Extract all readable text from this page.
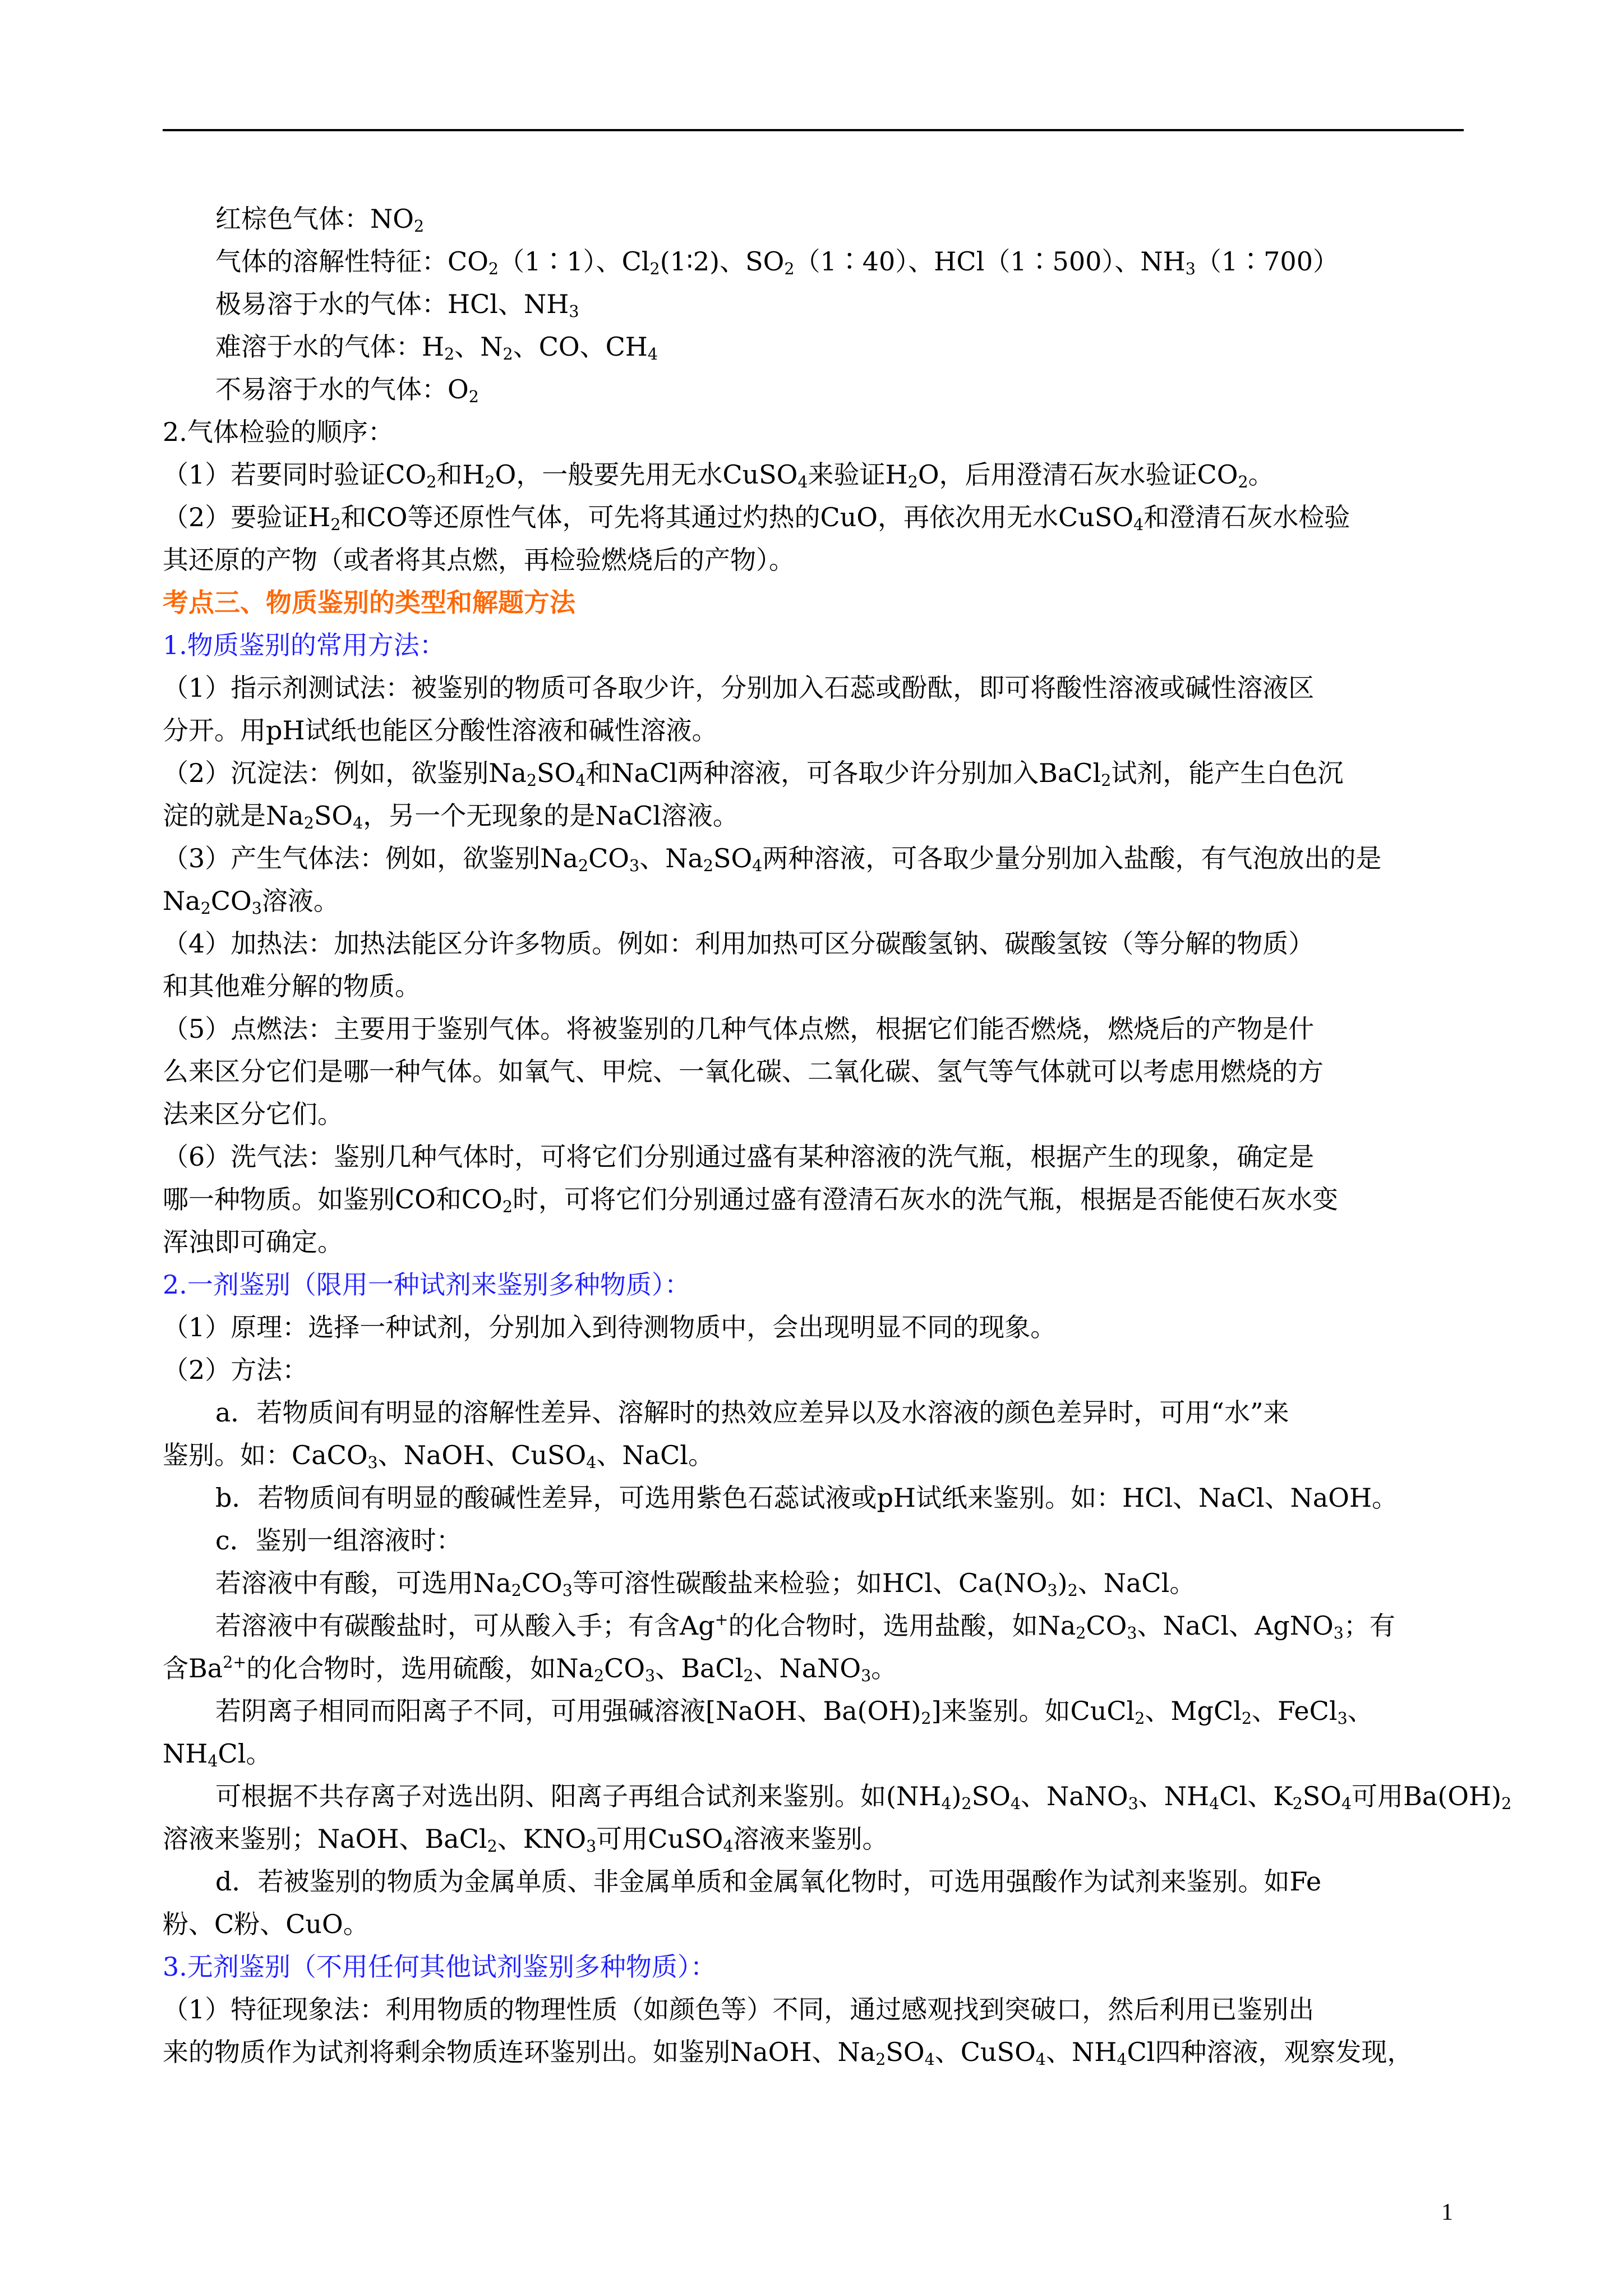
红棕色气体：$NO_2$
气体的溶解性特征：$CO_2(1∶1)$、$Cl_2(1∶2)$、$SO_2(1∶40)$、HCl（1∶500）、$NH_3(1∶700)$
极易溶于水的气体：HCl、$NH_3$
难溶于水的气体：$H_2$、$N_2$、CO、$CH_4$
不易溶于水的气体：$O_2$
2.气体检验的顺序：
（1）若要同时验证$CO_2$和$H_2O$，一般要先用无水CuSO$_4$来验证$H_2O$，后用澄清石灰水验证$CO_2$。
（2）要验证$H_2$和CO等还原性气体，可先将其通过灼热的CuO，再依次用无水CuSO$_4$和澄清石灰水检验
其还原的产物（或者将其点燃，再检验燃烧后的产物）。
考点三、物质鉴别的类型和解题方法
1.物质鉴别的常用方法：
（1）指示剂测试法：被鉴别的物质可各取少许，分别加入石蕊或酚酞，即可将酸性溶液或碱性溶液区
分开。用pH试纸也能区分酸性溶液和碱性溶液。
（2）沉淀法：例如，欲鉴别$Na_2SO_4$和NaCl两种溶液，可各取少许分别加入BaCl$_2$试剂，能产生白色沉
淀的就是$Na_2SO_4$，另一个无现象的是NaCl溶液。
（3）产生气体法：例如，欲鉴别$Na_2CO_3$、$Na_2SO_4$两种溶液，可各取少量分别加入盐酸，有气泡放出的是
$Na_2CO_3$溶液。
（4）加热法：加热法能区分许多物质。例如：利用加热可区分碳酸氢钠、碳酸氢铵（等分解的物质）
和其他难分解的物质。
（5）点燃法：主要用于鉴别气体。将被鉴别的几种气体点燃，根据它们能否燃烧，燃烧后的产物是什
么来区分它们是哪一种气体。如氧气、甲烷、一氧化碳、二氧化碳、氢气等气体就可以考虑用燃烧的方
法来区分它们。
（6）洗气法：鉴别几种气体时，可将它们分别通过盛有某种溶液的洗气瓶，根据产生的现象，确定是
哪一种物质。如鉴别CO和$CO_2$时，可将它们分别通过盛有澄清石灰水的洗气瓶，根据是否能使石灰水变
浑浊即可确定。
2.一剂鉴别（限用一种试剂来鉴别多种物质）：
（1）原理：选择一种试剂，分别加入到待测物质中，会出现明显不同的现象。
（2）方法：
a．若物质间有明显的溶解性差异、溶解时的热效应差异以及水溶液的颜色差异时，可用“水”来
鉴别。如：CaCO$_3$、NaOH、CuSO$_4$、NaCl。
b．若物质间有明显的酸碱性差异，可选用紫色石蕊试液或pH试纸来鉴别。如：HCl、NaCl、NaOH。
c．鉴别一组溶液时：
若溶液中有酸，可选用$Na_2CO_3$等可溶性碳酸盐来检验；如HCl、$Ca(NO_3)_2$、NaCl。
若溶液中有碳酸盐时，可从酸入手；有含Ag+的化合物时，选用盐酸，如$Na_2CO_3$、NaCl、AgNO$_3$；有
含$Ba^{2+}$的化合物时，选用硫酸，如$Na_2CO_3$、BaCl$_2$、NaNO$_3$。
若阴离子相同而阳离子不同，可用强碱溶液[NaOH、$Ba(OH)_2$]来鉴别。如CuCl$_2$、MgCl$_2$、FeCl$_3$、
$NH_4Cl$。
可根据不共存离子对选出阴、阳离子再组合试剂来鉴别。如$(NH_4)_2SO_4$、NaNO$_3$、$NH_4Cl$、$K_2SO_4$可用$Ba(OH)_2$
溶液来鉴别；NaOH、BaCl$_2$、$KNO_3$可用CuSO$_4$溶液来鉴别。
d．若被鉴别的物质为金属单质、非金属单质和金属氧化物时，可选用强酸作为试剂来鉴别。如Fe
粉、C粉、CuO。
3.无剂鉴别（不用任何其他试剂鉴别多种物质）：
（1）特征现象法：利用物质的物理性质（如颜色等）不同，通过感观找到突破口，然后利用已鉴别出
来的物质作为试剂将剩余物质连环鉴别出。如鉴别NaOH、$Na_2SO_4$、CuSO$_4$、$NH_4Cl$四种溶液，观察发现，
1
